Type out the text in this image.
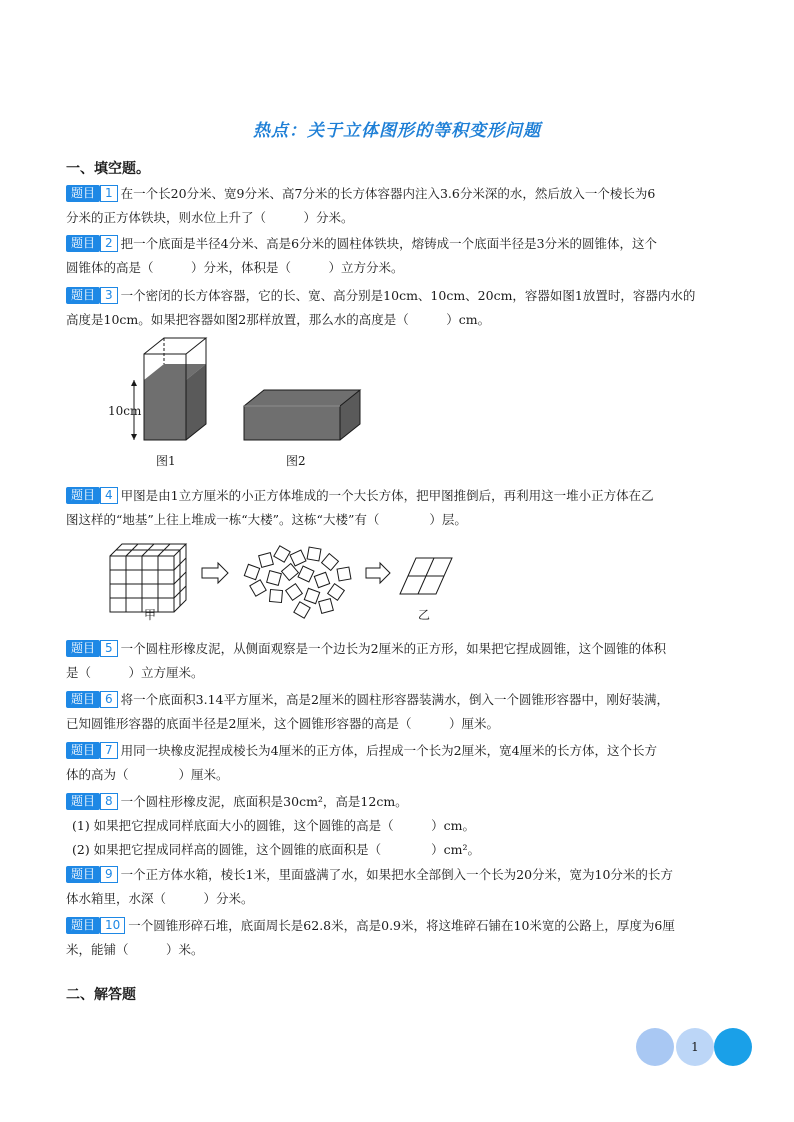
热点：关于立体图形的等积变形问题
一、填空题。
题目 1 在一个长20分米、宽9分米、高7分米的长方体容器内注入3.6分米深的水，然后放入一个棱长为6
分米的正方体铁块，则水位上升了（　　　）分米。
题目 2 把一个底面是半径4分米、高是6分米的圆柱体铁块，熔铸成一个底面半径是3分米的圆锥体，这个
圆锥体的高是（　　　）分米，体积是（　　　）立方分米。
题目 3 一个密闭的长方体容器，它的长、宽、高分别是10cm、10cm、20cm，容器如图1放置时，容器内水的
高度是10cm。如果把容器如图2那样放置，那么水的高度是（　　　）cm。
10cm
图1	图2
题目 4 甲图是由1立方厘米的小正方体堆成的一个大长方体，把甲图推倒后，再利用这一堆小正方体在乙
图这样的“地基”上往上堆成一栋“大楼”。这栋“大楼”有（　　　　）层。
甲	乙
题目 5 一个圆柱形橡皮泥，从侧面观察是一个边长为2厘米的正方形，如果把它捏成圆锥，这个圆锥的体积
是（　　　）立方厘米。
题目 6 将一个底面积3.14平方厘米，高是2厘米的圆柱形容器装满水，倒入一个圆锥形容器中，刚好装满，
已知圆锥形容器的底面半径是2厘米，这个圆锥形容器的高是（　　　）厘米。
题目 7 用同一块橡皮泥捏成棱长为4厘米的正方体，后捏成一个长为2厘米，宽4厘米的长方体，这个长方
体的高为（　　　　）厘米。
题目 8 一个圆柱形橡皮泥，底面积是30cm²，高是12cm。
(1) 如果把它捏成同样底面大小的圆锥，这个圆锥的高是（　　　）cm。
(2) 如果把它捏成同样高的圆锥，这个圆锥的底面积是（　　　　）cm²。
题目 9 一个正方体水箱，棱长1米，里面盛满了水，如果把水全部倒入一个长为20分米，宽为10分米的长方
体水箱里，水深（　　　）分米。
题目 10 一个圆锥形碎石堆，底面周长是62.8米，高是0.9米，将这堆碎石铺在10米宽的公路上，厚度为6厘
米，能铺（　　　）米。
二、解答题
1
